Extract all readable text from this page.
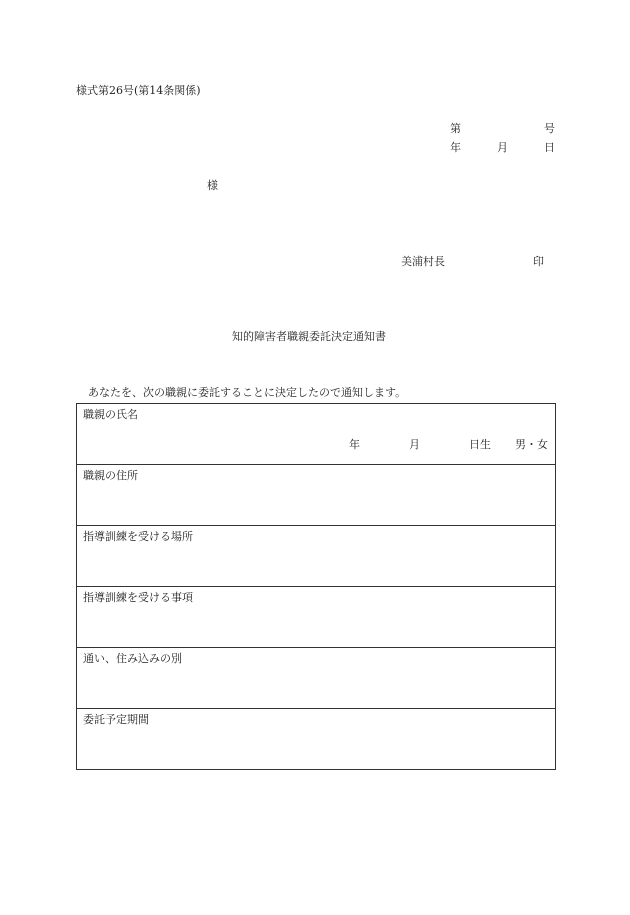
様式第26号(第14条関係)
第	号
年	月	日
様
美浦村長	印
知的障害者職親委託決定通知書
あなたを、次の職親に委託することに決定したので通知します。
職親の氏名
年	月	日生 男・女

職親の住所

指導訓練を受ける場所

指導訓練を受ける事項

通い、住み込みの別

委託予定期間
